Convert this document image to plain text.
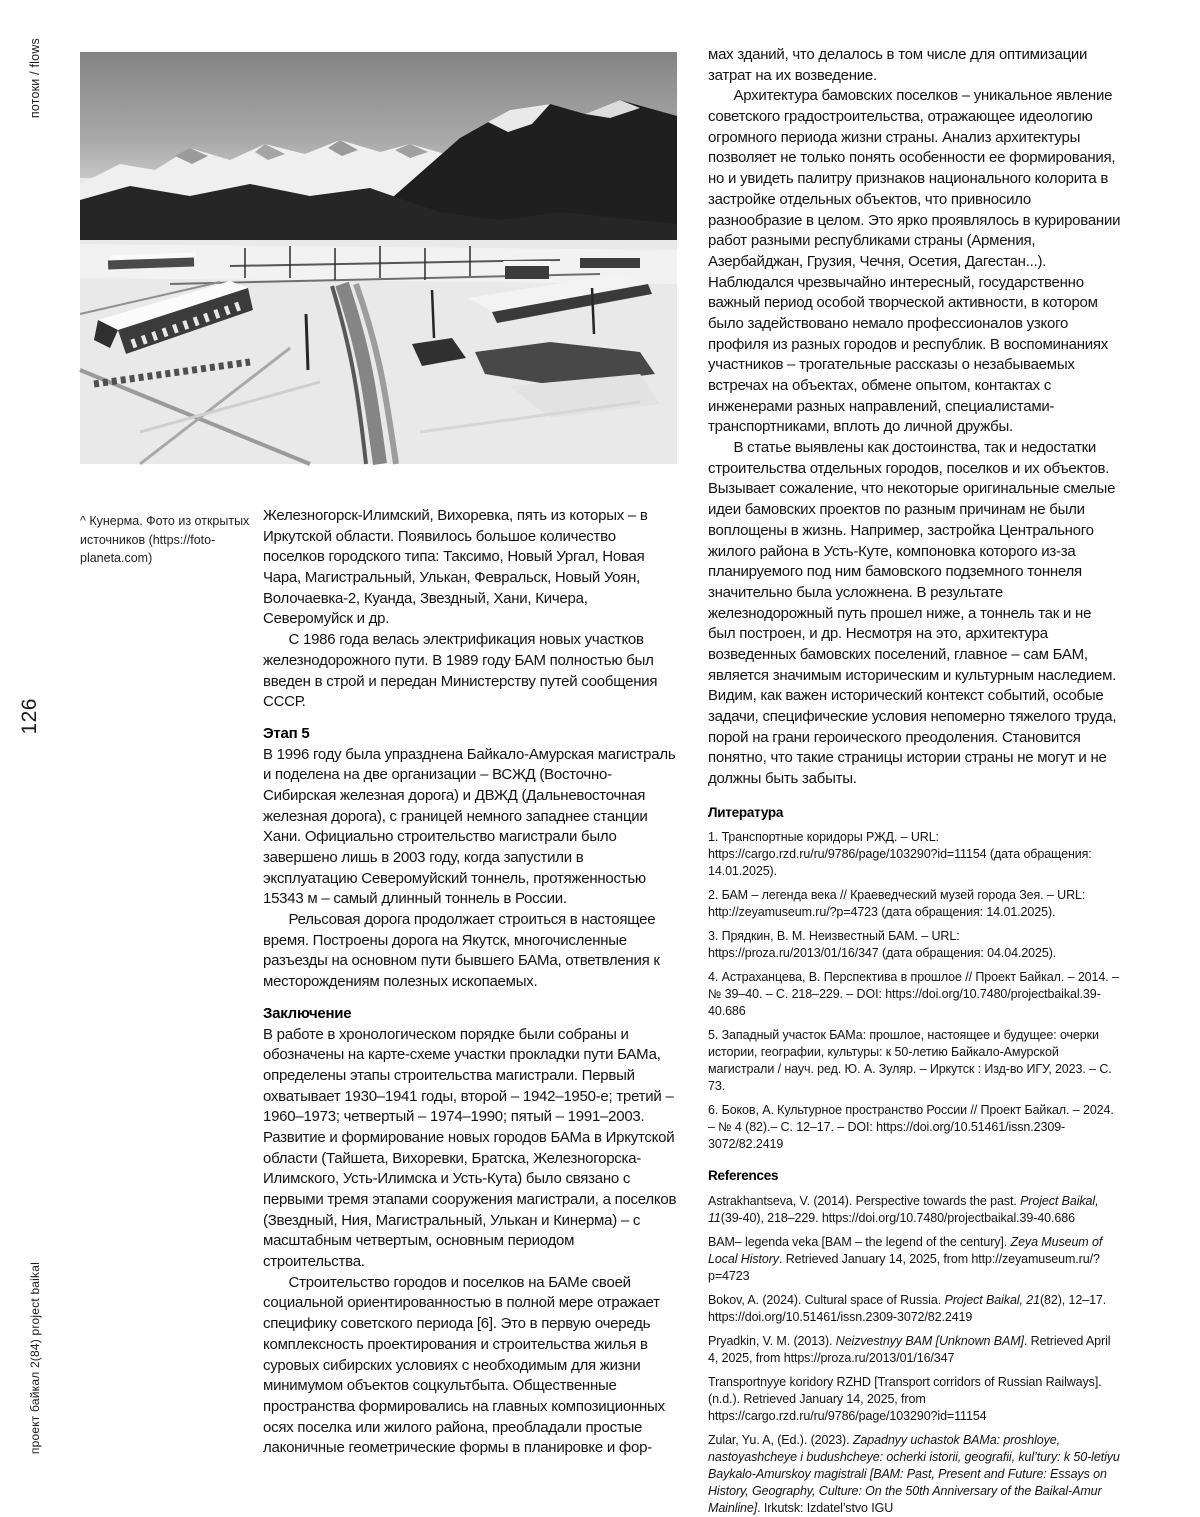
потоки / flows
126
проект байкал 2(84) project baikal
^ Кунерма. Фото из открытых источников (https://foto-planeta.com)

Железногорск-Илимский, Вихоревка, пять из которых – в Иркутской области. Появилось большое количество поселков городского типа: Таксимо, Новый Ургал, Новая Чара, Магистральный, Улькан, Февральск, Новый Уоян, Волочаевка-2, Куанда, Звездный, Хани, Кичера, Северомуйск и др.

С 1986 года велась электрификация новых участков железнодорожного пути. В 1989 году БАМ полностью был введен в строй и передан Министерству путей сообщения СССР.

Этап 5

В 1996 году была упразднена Байкало-Амурская магистраль и поделена на две организации – ВСЖД (Восточно-Сибирская железная дорога) и ДВЖД (Дальневосточная железная дорога), с границей немного западнее станции Хани. Официально строительство магистрали было завершено лишь в 2003 году, когда запустили в эксплуатацию Северомуйский тоннель, протяженностью 15343 м – самый длинный тоннель в России.

Рельсовая дорога продолжает строиться в настоящее время. Построены дорога на Якутск, многочисленные разъезды на основном пути бывшего БАМа, ответвления к месторождениям полезных ископаемых.

Заключение

В работе в хронологическом порядке были собраны и обозначены на карте-схеме участки прокладки пути БАМа, определены этапы строительства магистрали. Первый охватывает 1930–1941 годы, второй – 1942–1950-е; третий – 1960–1973; четвертый – 1974–1990; пятый – 1991–2003. Развитие и формирование новых городов БАМа в Иркутской области (Тайшета, Вихоревки, Братска, Железногорска-Илимского, Усть-Илимска и Усть-Кута) было связано с первыми тремя этапами сооружения магистрали, а поселков (Звездный, Ния, Магистральный, Улькан и Кинерма) – с масштабным четвертым, основным периодом строительства.

Строительство городов и поселков на БАМе своей социальной ориентированностью в полной мере отражает специфику советского периода [6]. Это в первую очередь комплексность проектирования и строительства жилья в суровых сибирских условиях с необходимым для жизни минимумом объектов соцкультбыта. Общественные пространства формировались на главных композиционных осях поселка или жилого района, преобладали простые лаконичные геометрические формы в планировке и фор-

мах зданий, что делалось в том числе для оптимизации затрат на их возведение.

Архитектура бамовских поселков – уникальное явление советского градостроительства, отражающее идеологию огромного периода жизни страны. Анализ архитектуры позволяет не только понять особенности ее формирования, но и увидеть палитру признаков национального колорита в застройке отдельных объектов, что привносило разнообразие в целом. Это ярко проявлялось в курировании работ разными республиками страны (Армения, Азербайджан, Грузия, Чечня, Осетия, Дагестан...). Наблюдался чрезвычайно интересный, государственно важный период особой творческой активности, в котором было задействовано немало профессионалов узкого профиля из разных городов и республик. В воспоминаниях участников – трогательные рассказы о незабываемых встречах на объектах, обмене опытом, контактах с инженерами разных направлений, специалистами-транспортниками, вплоть до личной дружбы.

В статье выявлены как достоинства, так и недостатки строительства отдельных городов, поселков и их объектов. Вызывает сожаление, что некоторые оригинальные смелые идеи бамовских проектов по разным причинам не были воплощены в жизнь. Например, застройка Центрального жилого района в Усть-Куте, компоновка которого из-за планируемого под ним бамовского подземного тоннеля значительно была усложнена. В результате железнодорожный путь прошел ниже, а тоннель так и не был построен, и др. Несмотря на это, архитектура возведенных бамовских поселений, главное – сам БАМ, является значимым историческим и культурным наследием. Видим, как важен исторический контекст событий, особые задачи, специфические условия непомерно тяжелого труда, порой на грани героического преодоления. Становится понятно, что такие страницы истории страны не могут и не должны быть забыты.

Литература

1. Транспортные коридоры РЖД. – URL: https://cargo.rzd.ru/ru/9786/page/103290?id=11154 (дата обращения: 14.01.2025).

2. БАМ – легенда века // Краеведческий музей города Зея. – URL: http://zeyamuseum.ru/?p=4723 (дата обращения: 14.01.2025).

3. Прядкин, В. М. Неизвестный БАМ. – URL: https://proza.ru/2013/01/16/347 (дата обращения: 04.04.2025).

4. Астраханцева, В. Перспектива в прошлое // Проект Байкал. – 2014. – № 39–40. – С. 218–229. – DOI: https://doi.org/10.7480/projectbaikal.39-40.686

5. Западный участок БАМа: прошлое, настоящее и будущее: очерки истории, географии, культуры: к 50-летию Байкало-Амурской магистрали / науч. ред. Ю. А. Зуляр. – Иркутск : Изд-во ИГУ, 2023. – С. 73.

6. Боков, А. Культурное пространство России // Проект Байкал. – 2024. – № 4 (82).– С. 12–17. – DOI: https://doi.org/10.51461/issn.2309-3072/82.2419

References

Astrakhantseva, V. (2014). Perspective towards the past. Project Baikal, 11(39-40), 218–229. https://doi.org/10.7480/projectbaikal.39-40.686

BAM– legenda veka [BAM – the legend of the century]. Zeya Museum of Local History. Retrieved January 14, 2025, from http://zeyamuseum.ru/?p=4723

Bokov, A. (2024). Cultural space of Russia. Project Baikal, 21(82), 12–17. https://doi.org/10.51461/issn.2309-3072/82.2419

Pryadkin, V. M. (2013). Neizvestnyy BAM [Unknown BAM]. Retrieved April 4, 2025, from https://proza.ru/2013/01/16/347

Transportnyye koridory RZHD [Transport corridors of Russian Railways]. (n.d.). Retrieved January 14, 2025, from https://cargo.rzd.ru/ru/9786/page/103290?id=11154

Zular, Yu. A, (Ed.). (2023). Zapadnyy uchastok BAMa: proshloye, nastoyashcheye i budushcheye: ocherki istorii, geografii, kul’tury: k 50-letiyu Baykalo-Amurskoy magistrali [BAM: Past, Present and Future: Essays on History, Geography, Culture: On the 50th Anniversary of the Baikal-Amur Mainline]. Irkutsk: Izdatel’stvo IGU
